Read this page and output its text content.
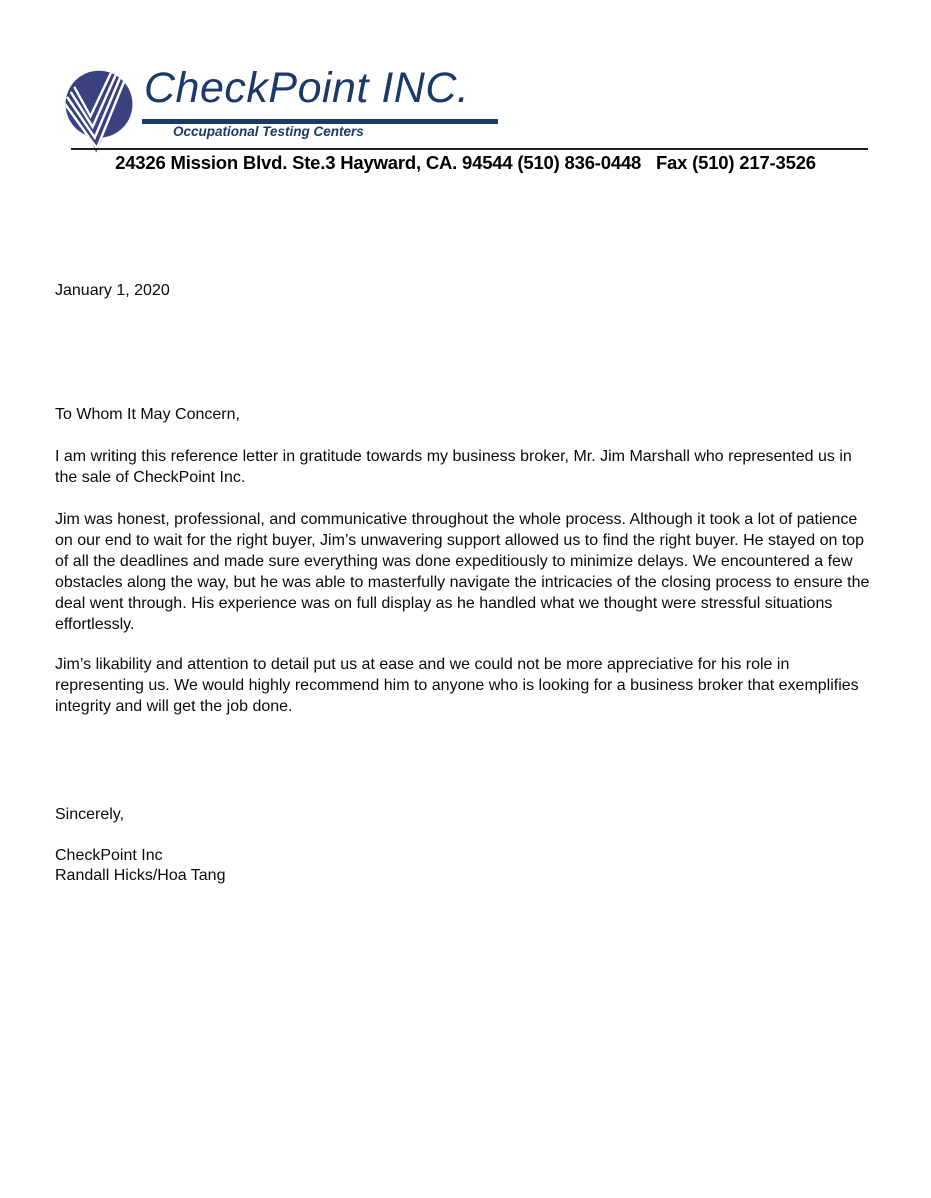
CheckPoint INC.
Occupational Testing Centers
24326 Mission Blvd. Ste.3 Hayward, CA. 94544 (510) 836-0448   Fax (510) 217-3526
January 1, 2020
To Whom It May Concern,
I am writing this reference letter in gratitude towards my business broker, Mr. Jim Marshall who represented us in the sale of CheckPoint Inc.
Jim was honest, professional, and communicative throughout the whole process. Although it took a lot of patience on our end to wait for the right buyer, Jim’s unwavering support allowed us to find the right buyer. He stayed on top of all the deadlines and made sure everything was done expeditiously to minimize delays. We encountered a few obstacles along the way, but he was able to masterfully navigate the intricacies of the closing process to ensure the deal went through. His experience was on full display as he handled what we thought were stressful situations effortlessly.
Jim’s likability and attention to detail put us at ease and we could not be more appreciative for his role in representing us. We would highly recommend him to anyone who is looking for a business broker that exemplifies integrity and will get the job done.
Sincerely,
CheckPoint Inc
Randall Hicks/Hoa Tang
